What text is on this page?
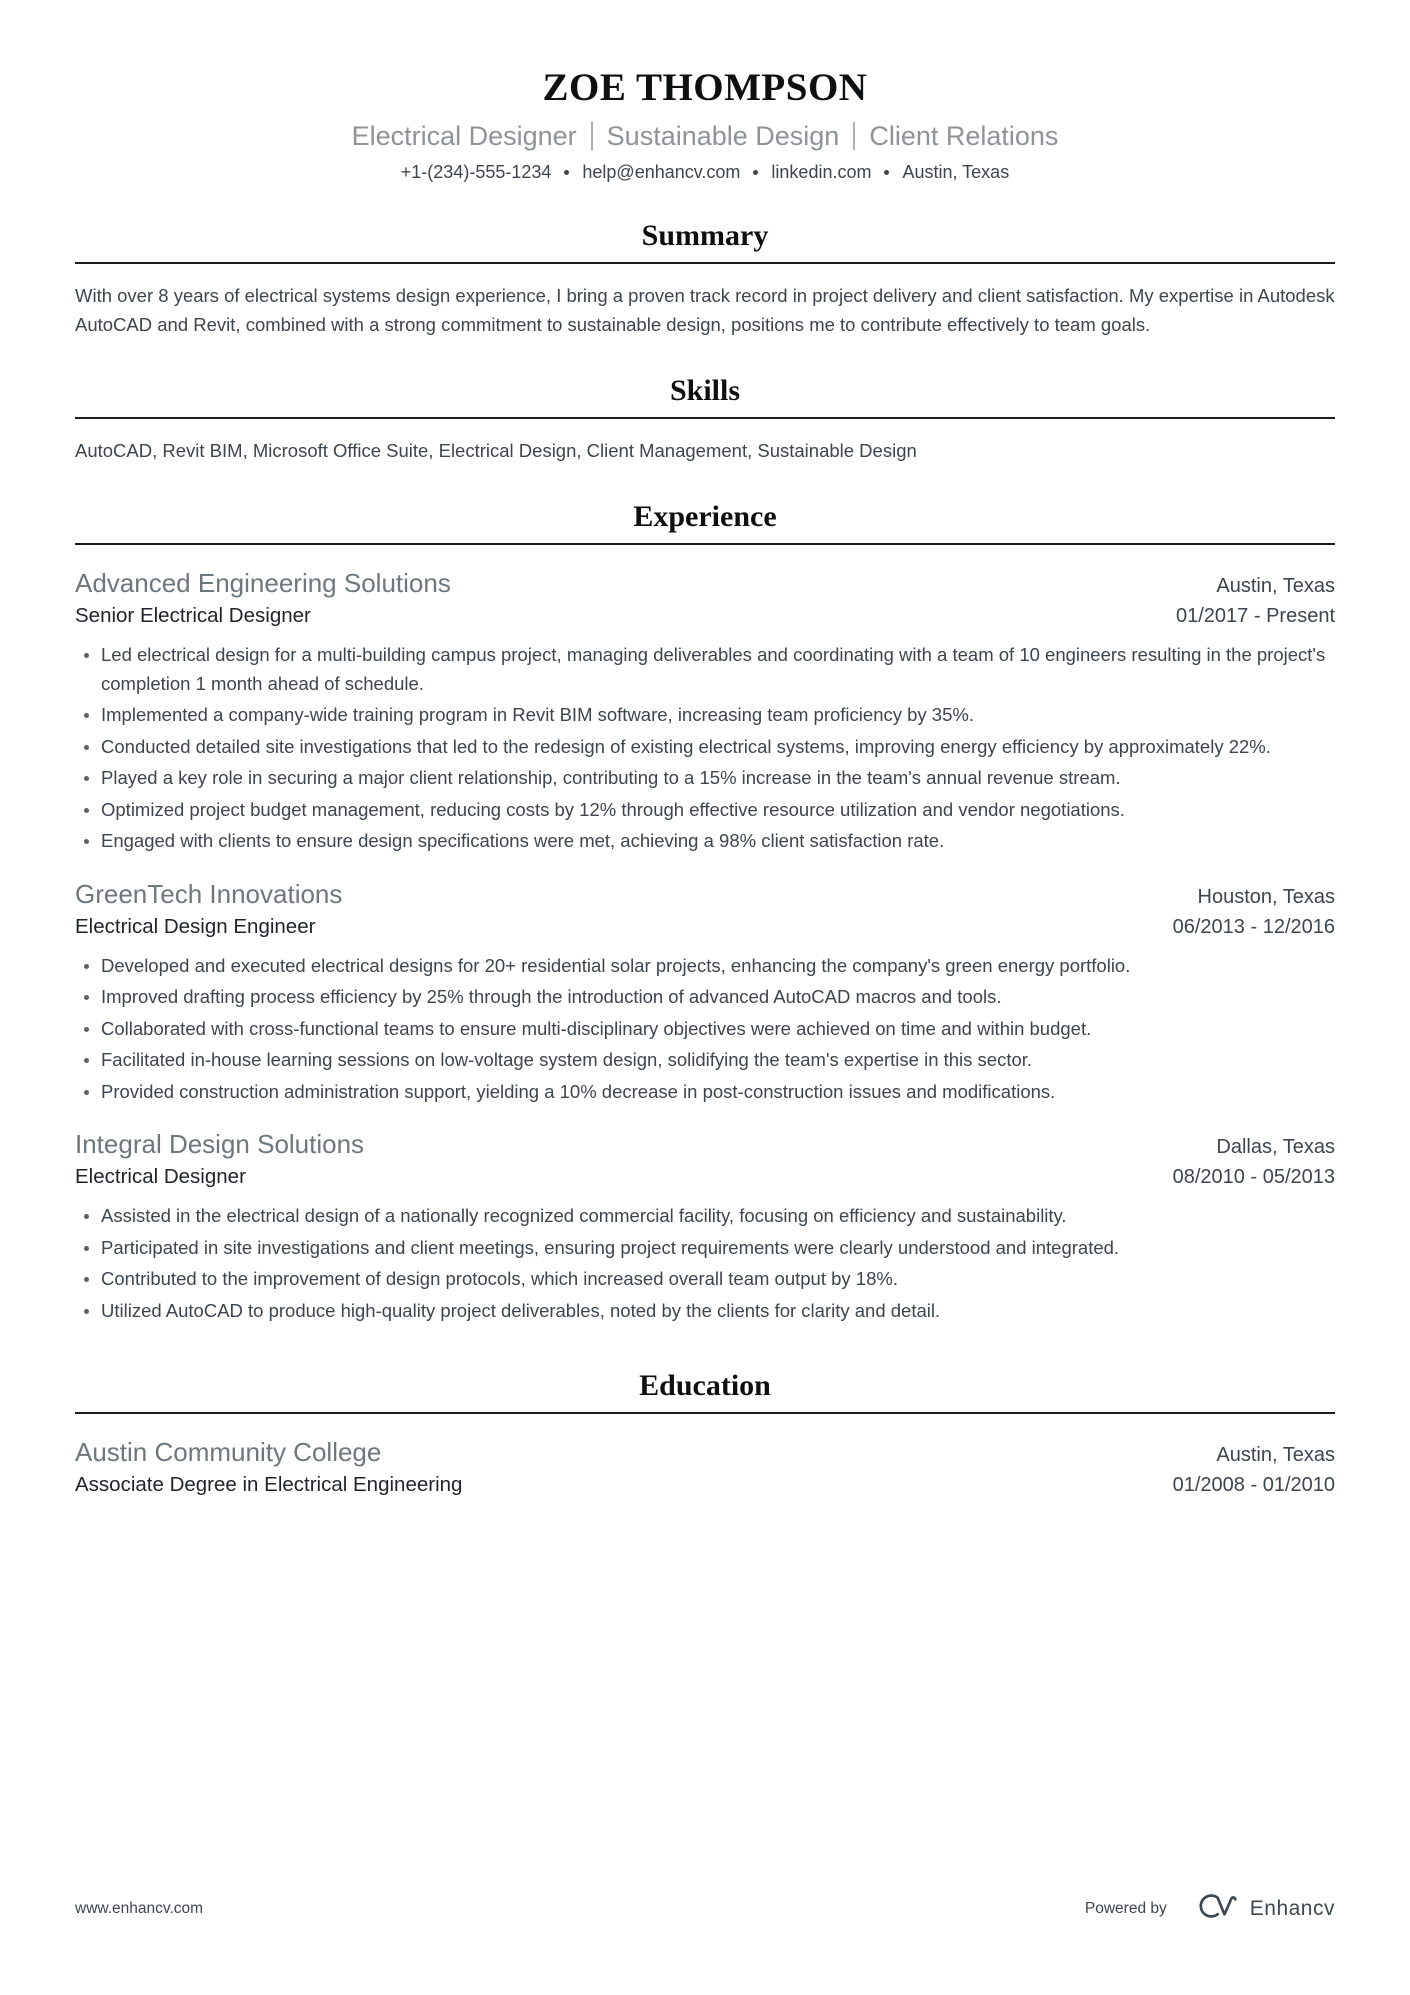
ZOE THOMPSON
Electrical Designer Sustainable Design Client Relations
+1-(234)-555-1234 help@enhancv.com linkedin.com Austin, Texas
Summary
With over 8 years of electrical systems design experience, I bring a proven track record in project delivery and client satisfaction. My expertise in Autodesk AutoCAD and Revit, combined with a strong commitment to sustainable design, positions me to contribute effectively to team goals.
Skills
AutoCAD, Revit BIM, Microsoft Office Suite, Electrical Design, Client Management, Sustainable Design
Experience
Advanced Engineering Solutions	Austin, Texas
Senior Electrical Designer	01/2017 - Present
Led electrical design for a multi-building campus project, managing deliverables and coordinating with a team of 10 engineers resulting in the project's completion 1 month ahead of schedule.
Implemented a company-wide training program in Revit BIM software, increasing team proficiency by 35%.
Conducted detailed site investigations that led to the redesign of existing electrical systems, improving energy efficiency by approximately 22%.
Played a key role in securing a major client relationship, contributing to a 15% increase in the team's annual revenue stream.
Optimized project budget management, reducing costs by 12% through effective resource utilization and vendor negotiations.
Engaged with clients to ensure design specifications were met, achieving a 98% client satisfaction rate.
GreenTech Innovations	Houston, Texas
Electrical Design Engineer	06/2013 - 12/2016
Developed and executed electrical designs for 20+ residential solar projects, enhancing the company's green energy portfolio.
Improved drafting process efficiency by 25% through the introduction of advanced AutoCAD macros and tools.
Collaborated with cross-functional teams to ensure multi-disciplinary objectives were achieved on time and within budget.
Facilitated in-house learning sessions on low-voltage system design, solidifying the team's expertise in this sector.
Provided construction administration support, yielding a 10% decrease in post-construction issues and modifications.
Integral Design Solutions	Dallas, Texas
Electrical Designer	08/2010 - 05/2013
Assisted in the electrical design of a nationally recognized commercial facility, focusing on efficiency and sustainability.
Participated in site investigations and client meetings, ensuring project requirements were clearly understood and integrated.
Contributed to the improvement of design protocols, which increased overall team output by 18%.
Utilized AutoCAD to produce high-quality project deliverables, noted by the clients for clarity and detail.
Education
Austin Community College	Austin, Texas
Associate Degree in Electrical Engineering	01/2008 - 01/2010
www.enhancv.com	Powered by	Enhancv
